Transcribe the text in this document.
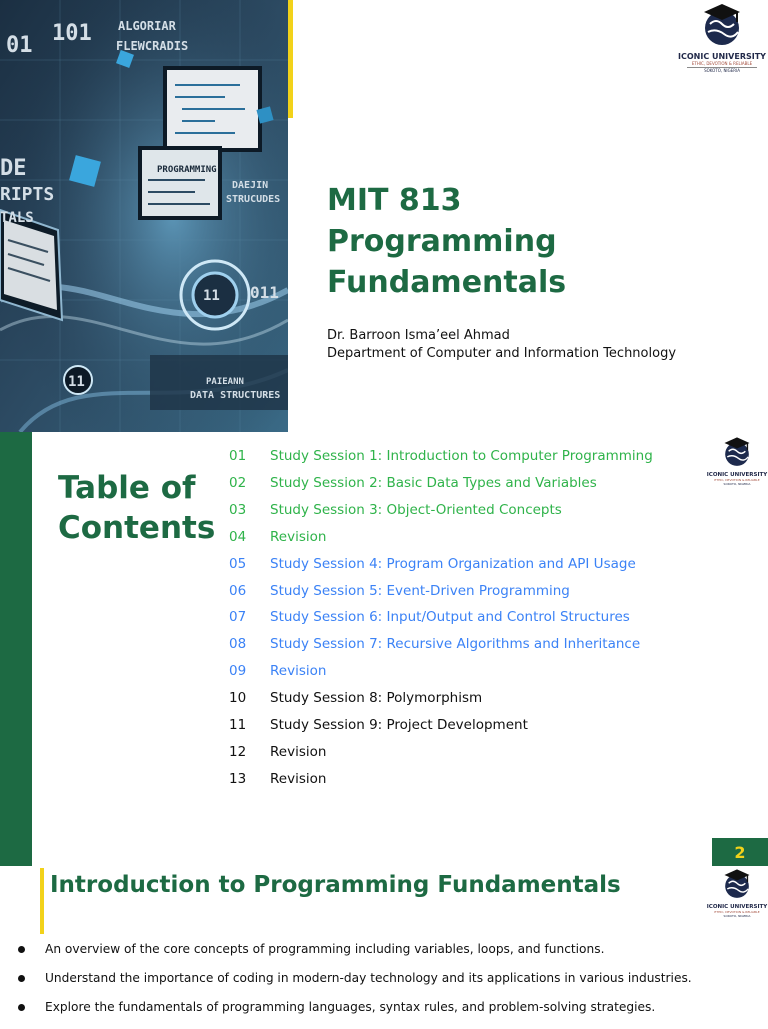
01 101 ALGORIAR
FLEWCRADIS
DE
RIPTS
TALS
PROGRAMMING
DAEJIN
STRUCUDES
11 011
11	PAIEANN
DATA STRUCTURES
ICONIC UNIVERSITY
ETHIC, DEVOTION & RELIABLE
SOKOTO, NIGERIA
MIT 813
Programming
Fundamentals
Dr. Barroon Isma’eel Ahmad
Department of Computer and Information Technology
Table of
Contents
01	Study Session 1: Introduction to Computer Programming
02	Study Session 2: Basic Data Types and Variables
03	Study Session 3: Object-Oriented Concepts
04	Revision
05	Study Session 4: Program Organization and API Usage
06	Study Session 5: Event-Driven Programming
07	Study Session 6: Input/Output and Control Structures
08	Study Session 7: Recursive Algorithms and Inheritance
09	Revision
10	Study Session 8: Polymorphism
11	Study Session 9: Project Development
12	Revision
13	Revision
ICONIC UNIVERSITY
ETHIC, DEVOTION & RELIABLE
SOKOTO, NIGERIA
2
Introduction to Programming Fundamentals
ICONIC UNIVERSITY
ETHIC, DEVOTION & RELIABLE
SOKOTO, NIGERIA
An overview of the core concepts of programming including variables, loops, and functions.
Understand the importance of coding in modern-day technology and its applications in various industries.
Explore the fundamentals of programming languages, syntax rules, and problem-solving strategies.
